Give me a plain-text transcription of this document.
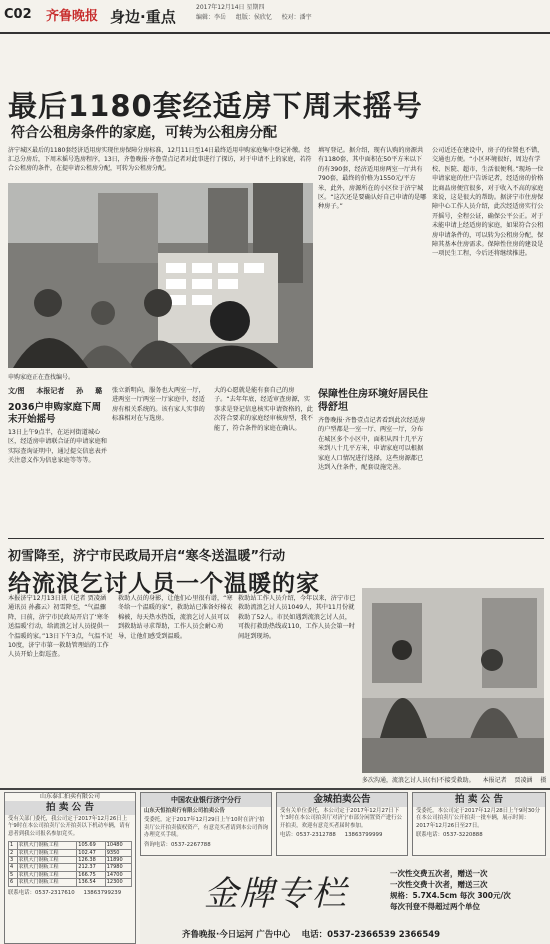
C02 齐鲁晚报 身边·重点
2017年12月14日 星期四
编辑：李岳 　 组版：侯欣忆 　 校对：潘宇
最后1180套经适房下周末摇号
符合公租房条件的家庭，可转为公租房分配
济宁城区最后的1180套经济适用房实现住房保障分房标准，12月11日至14日最终适用申购家庭集中登记补缴。经汇总分房后，下周末摇号选房程序，13日，齐鲁晚报·齐鲁壹点记者对此事进行了探访，对于申请不上的家庭，若符合公租房的条件，在提申请公租房分配，可转为公租房分配。
申购家庭正在查找编号。
文/图 　 本报记者 　 孙 　 璐
2036户申购家庭下周末开始摇号
13日上午9点半，在运河街道城心区，经适房申请联合证的申请家庭和实际查询证明中，通过提交信息表并关注意义作为信息家庭等等等。
张立新明向，服务也大两室一厅，进两室一厅两室一厅家庭中，经适房有相关系统的。该有家人实事的标准相对在与选房。
大的心愿就是能有套自己的房子。“去年年底，经适审查房源，实事求是登记信息核实申请资格的，此次符合要求的家庭经审核房型，我不能了，符合条件的家庭在确认。
填写登记。据介绍，现有认购的房源共有1180套，其中面积在50平方米以下的有390套，经济适用房两室一厅共有790套，最终的价格为1550元/平方米，此外，房源所在的小区位于济宁城区。“这次还是要确认好自己申请的是哪种房子。”
保障性住房环境好居民住得舒坦
齐鲁晚报·齐鲁壹点记者看到此次经适房的户型都是一室一厅、两室一厅，分布在城区多个小区中，面积从四十几平方米到八十几平方米，申请家庭可以根据家庭人口情况进行选择，这些房源都已达到入住条件，配套设施完善。
公司近还在建设中，房子的位置也不错，交通也方便。“小区环境很好，周边有学校、医院、超市，生活很便利。”现场一位申请家庭的住户告诉记者，经适房的价格比商品房便宜很多，对于收入不高的家庭来说，这是很大的帮助。据济宁市住房保障中心工作人员介绍，此次经适房实行公开摇号，全程公证，确保公平公正。对于未能申请上经适房的家庭，如果符合公租房申请条件的，可以转为公租房分配，保障其基本住房需求。保障性住房的建设是一项民生工程，今后还将继续推进。
初雪降至，济宁市民政局开启“寒冬送温暖”行动
给流浪乞讨人员一个温暖的家
本报济宁12月13日讯（记者 贾凌涵 通讯员 孙鑫云）初雪降至，“气温骤降，日前，济宁市民政局开启了‘寒冬送温暖’行动，给流浪乞讨人员提供一个温暖的家。”13日下午3点，气温不足10度，济宁市第一救助管理站的工作人员开始上街巡查。
救助人员的身影，让他们心里很有谱，“寒冬给一个温暖的家”，救助站已准备好棉衣棉被，每天热水热饭，流浪乞讨人员可以到救助站寻求帮助，工作人员会耐心劝导，让他们感受到温暖。
救助站工作人员介绍，今年以来，济宁市已救助流浪乞讨人员1049人，其中11月份就救助了52人。市民如遇到流浪乞讨人员，可拨打救助热线或110，工作人员会第一时间赶到现场。
多次沟通，流浪乞讨人员(右)不接受救助。 　本报记者 　贾凌涵 　摄
山东泰汇拍卖有限公司
拍 卖 公 告
受有关部门委托，我公司定于2017年12月26日上午9时在本公司拍卖厅公开拍卖以下机动车辆，请有意者到我公司报名参加竞买。
1	农机大门钢板工程	105.69	10480
2	农机大门钢板工程	102.47	9350
3	农机大门钢板工程	126.38	11890
4	农机大门钢板工程	212.37	17980
5	农机大门钢板工程	166.75	14700
6	农机大门钢板工程	136.54	12300
联系电话：0537-2317610 　 13863799239
中国农业银行济宁分行
山东天恒拍卖行有限公司拍卖公告
受委托，定于2017年12月29日上午10时在济宁拍卖厅公开拍卖债权资产，有意竞买者请到本公司咨询办理竞买手续。
咨询电话：0537-2267788
金城拍卖公告
受有关单位委托，本公司定于2017年12月27日下午3时在本公司拍卖厅对济宁市部分闲置资产进行公开拍卖，欢迎有意竞买者届时参加。
电话：0537-2312788 　 13863799999
拍 卖 公 告
受委托，本公司定于2017年12月28日上午9时30分在本公司拍卖厅公开拍卖一批车辆，展示时间：2017年12月26日至27日。
联系电话：0537-3220888
金牌专栏
一次性交费五次者，赠送一次
一次性交费十次者，赠送三次
规格：5.7X4.5cm 每次 300元/次
每次刊登不得超过两个单位
齐鲁晚报·今日运河 广告中心 　电话：0537-2366539 2366549
